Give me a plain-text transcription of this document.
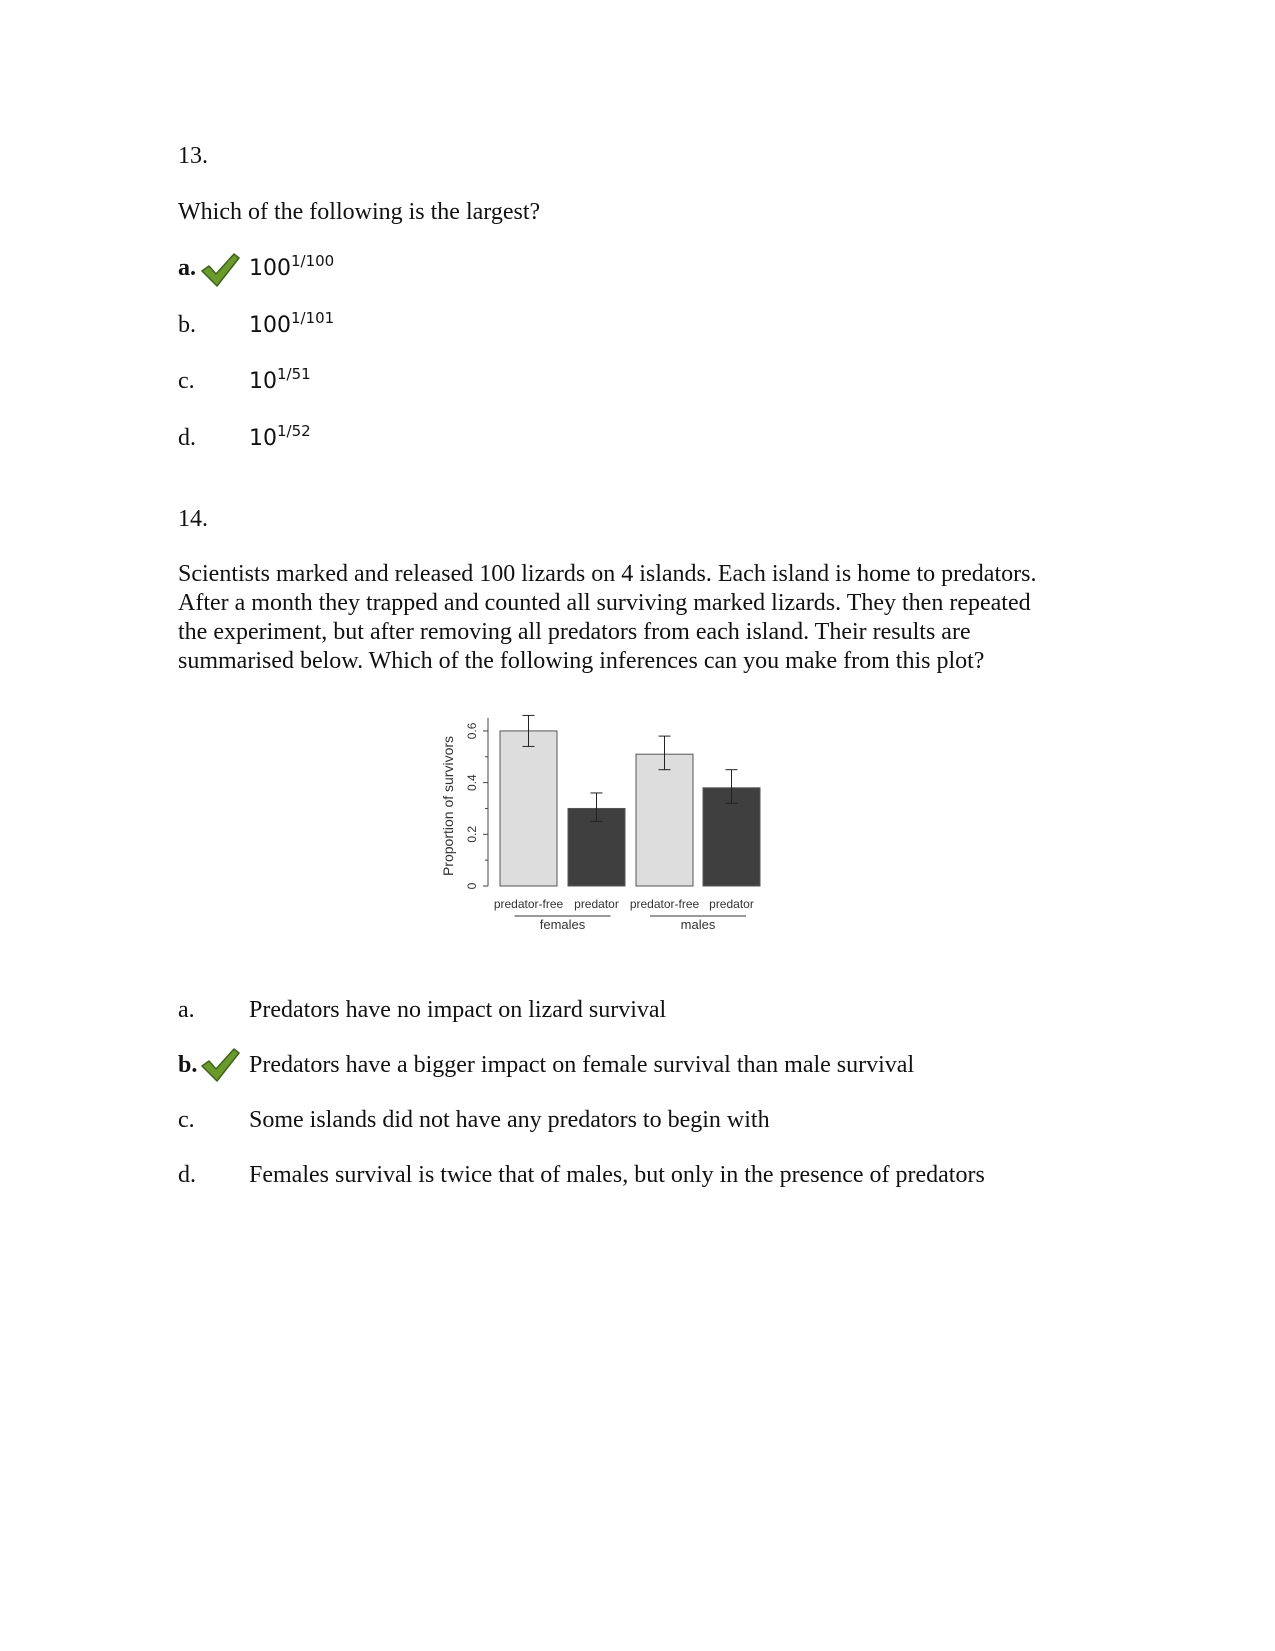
13.
Which of the following is the largest?
a. $100^{1/100}$
b. $100^{1/101}$
c. $10^{1/51}$
d. $10^{1/52}$
14.
Scientists marked and released 100 lizards on 4 islands. Each island is home to predators. After a month they trapped and counted all surviving marked lizards. They then repeated the experiment, but after removing all predators from each island. Their results are summarised below. Which of the following inferences can you make from this plot?
0
0.2
0.4
0.6
Proportion of survivors
predator-free predator predator-free predator
females	males
a. Predators have no impact on lizard survival
b. Predators have a bigger impact on female survival than male survival
c. Some islands did not have any predators to begin with
d. Females survival is twice that of males, but only in the presence of predators
